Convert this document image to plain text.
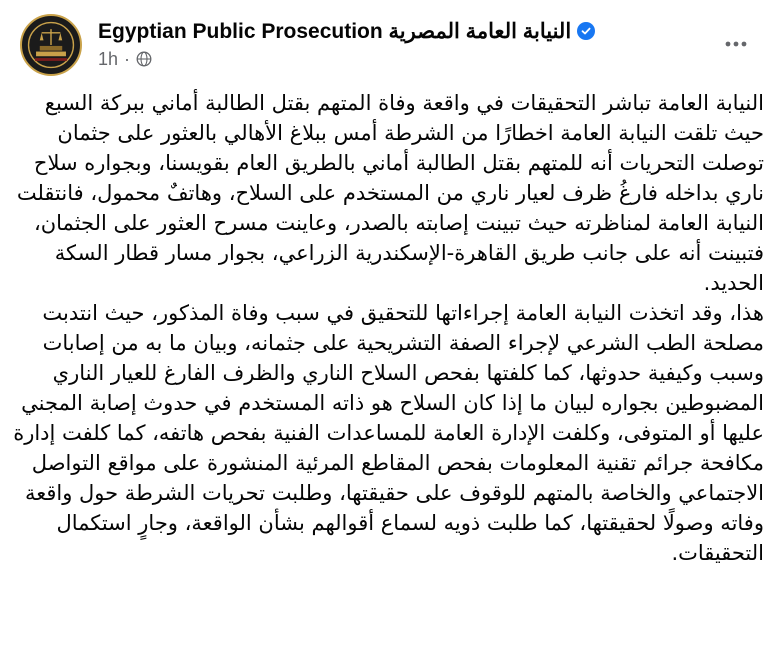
Egyptian Public Prosecution النيابة العامة المصرية
1h ·
النيابة العامة تباشر التحقيقات في واقعة وفاة المتهم بقتل الطالبة أماني ببركة السبع
حيث تلقت النيابة العامة اخطارًا من الشرطة أمس ببلاغ الأهالي بالعثور على جثمان توصلت التحريات أنه للمتهم بقتل الطالبة أماني بالطريق العام بقويسنا، وبجواره سلاح ناري بداخله فارغُ ظرف لعيار ناري من المستخدم على السلاح، وهاتفٌ محمول، فانتقلت النيابة العامة لمناظرته حيث تبينت إصابته بالصدر، وعاينت مسرح العثور على الجثمان، فتبينت أنه على جانب طريق القاهرة-الإسكندرية الزراعي، بجوار مسار قطار السكة الحديد.
هذا، وقد اتخذت النيابة العامة إجراءاتها للتحقيق في سبب وفاة المذكور، حيث انتدبت مصلحة الطب الشرعي لإجراء الصفة التشريحية على جثمانه، وبيان ما به من إصابات وسبب وكيفية حدوثها، كما كلفتها بفحص السلاح الناري والظرف الفارغ للعيار الناري المضبوطين بجواره لبيان ما إذا كان السلاح هو ذاته المستخدم في حدوث إصابة المجني عليها أو المتوفى، وكلفت الإدارة العامة للمساعدات الفنية بفحص هاتفه، كما كلفت إدارة مكافحة جرائم تقنية المعلومات بفحص المقاطع المرئية المنشورة على مواقع التواصل الاجتماعي والخاصة بالمتهم للوقوف على حقيقتها، وطلبت تحريات الشرطة حول واقعة وفاته وصولًا لحقيقتها، كما طلبت ذويه لسماع أقوالهم بشأن الواقعة، وجارٍ استكمال التحقيقات.
